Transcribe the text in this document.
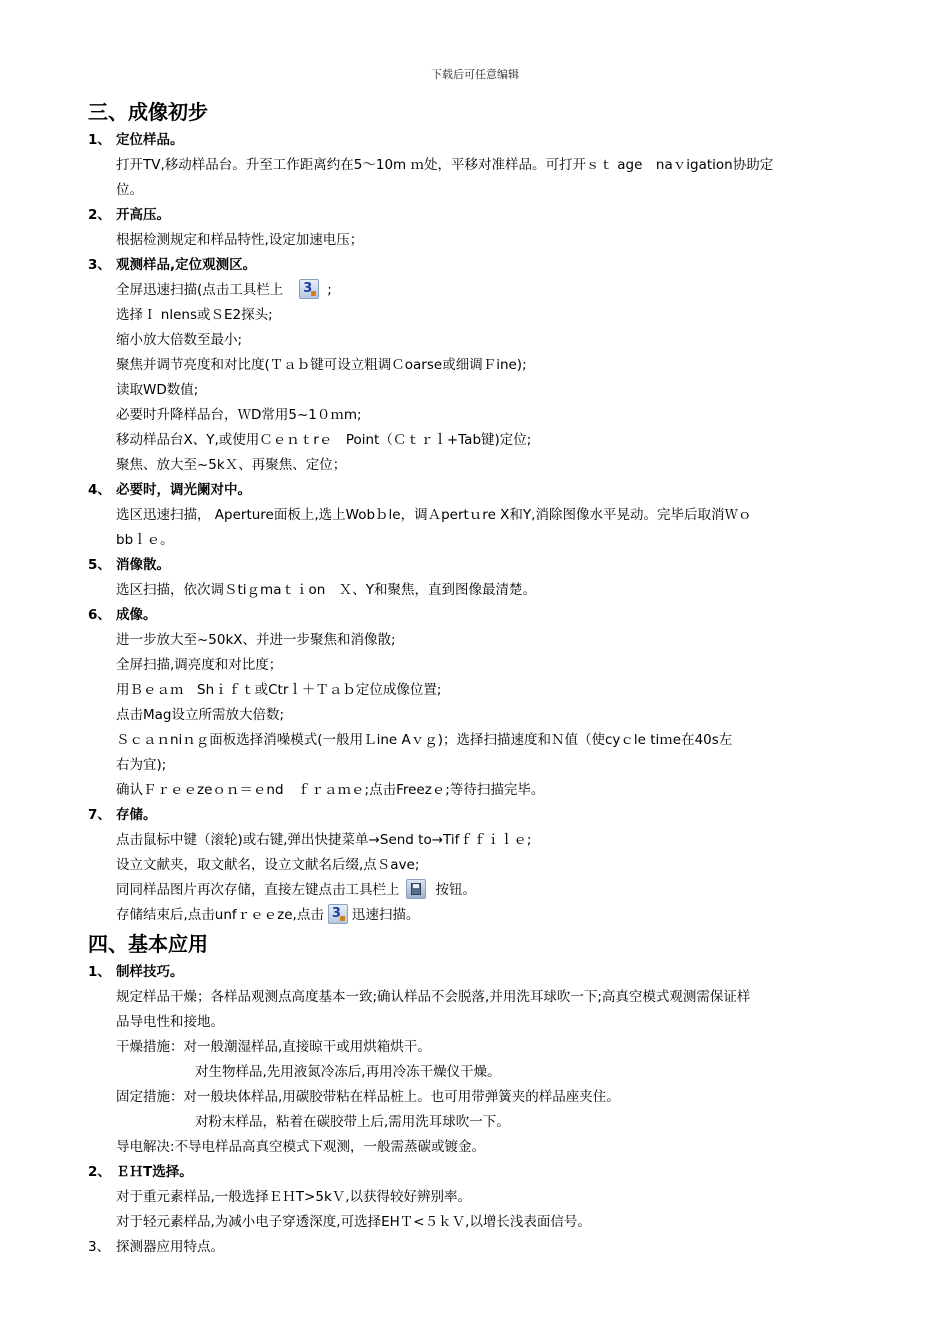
下载后可任意编辑
三、成像初步
1、 定位样品。
打开TV,移动样品台。升至工作距离约在5～10m ｍ处，平移对准样品。可打开ｓｔ age　naｖigation协助定
位。
2、 开高压。
根据检测规定和样品特性,设定加速电压；
3、 观测样品,定位观测区。
全屏迅速扫描(点击工具栏上 3	;
选择Ｉ nlens或ＳE2探头;
缩小放大倍数至最小;
聚焦并调节亮度和对比度(Ｔａｂ键可设立粗调Ｃoarse或细调Ｆine);
读取WD数值;
必要时升降样品台，ＷD常用5~1０ｍm;
移动样品台X、Y,或使用Ｃｅｎｔrｅ　Point（Ｃｔｒｌ+Tab键)定位;
聚焦、放大至~5kＸ、再聚焦、定位；
4、 必要时，调光阑对中。
选区迅速扫描， Aperture面板上,选上Wobｂle，调Ａpertｕre X和Y,消除图像水平晃动。完毕后取消Ｗｏ
bbｌｅ。
5、 消像散。
选区扫描，依次调Ｓtiｇmaｔｉon　Ｘ、Y和聚焦，直到图像最清楚。
6、 成像。
进一步放大至~50kX、并进一步聚焦和消像散;
全屏扫描,调亮度和对比度；
用Ｂｅａｍ　Shｉｆｔ或Ctrｌ＋Ｔａｂ定位成像位置;
点击Mag设立所需放大倍数;
Ｓｃａｎniｎｇ面板选择消噪模式(一般用Ｌine Aｖｇ)；选择扫描速度和Ｎ值（使cyｃle tiｍe在40s左
右为宜);
确认Ｆｒｅｅzeｏｎ＝ｅnd　ｆｒａｍｅ;点击Freezｅ;等待扫描完毕。
7、 存储。
点击鼠标中键（滚轮)或右键,弹出快捷菜单→Send to→Tifｆｆｉｌｅ;
设立文献夹，取文献名，设立文献名后缀,点Ｓave;
同同样品图片再次存储，直接左键点击工具栏上	按钮。
存储结束后,点击unfｒｅｅze,点击 3 迅速扫描。
四、基本应用
1、 制样技巧。
规定样品干燥；各样品观测点高度基本一致;确认样品不会脱落,并用洗耳球吹一下;高真空模式观测需保证样
品导电性和接地。
干燥措施：对一般潮湿样品,直接晾干或用烘箱烘干。
对生物样品,先用液氮冷冻后,再用冷冻干燥仪干燥。
固定措施：对一般块体样品,用碳胶带粘在样品桩上。也可用带弹簧夹的样品座夹住。
对粉末样品，粘着在碳胶带上后,需用洗耳球吹一下。
导电解决:不导电样品高真空模式下观测，一般需蒸碳或镀金。
2、 ＥＨT选择。
对于重元素样品,一般选择ＥＨT>5kＶ,以获得较好辨别率。
对于轻元素样品,为减小电子穿透深度,可选择EHＴ<５ｋＶ,以增长浅表面信号。
3、 探测器应用特点。
